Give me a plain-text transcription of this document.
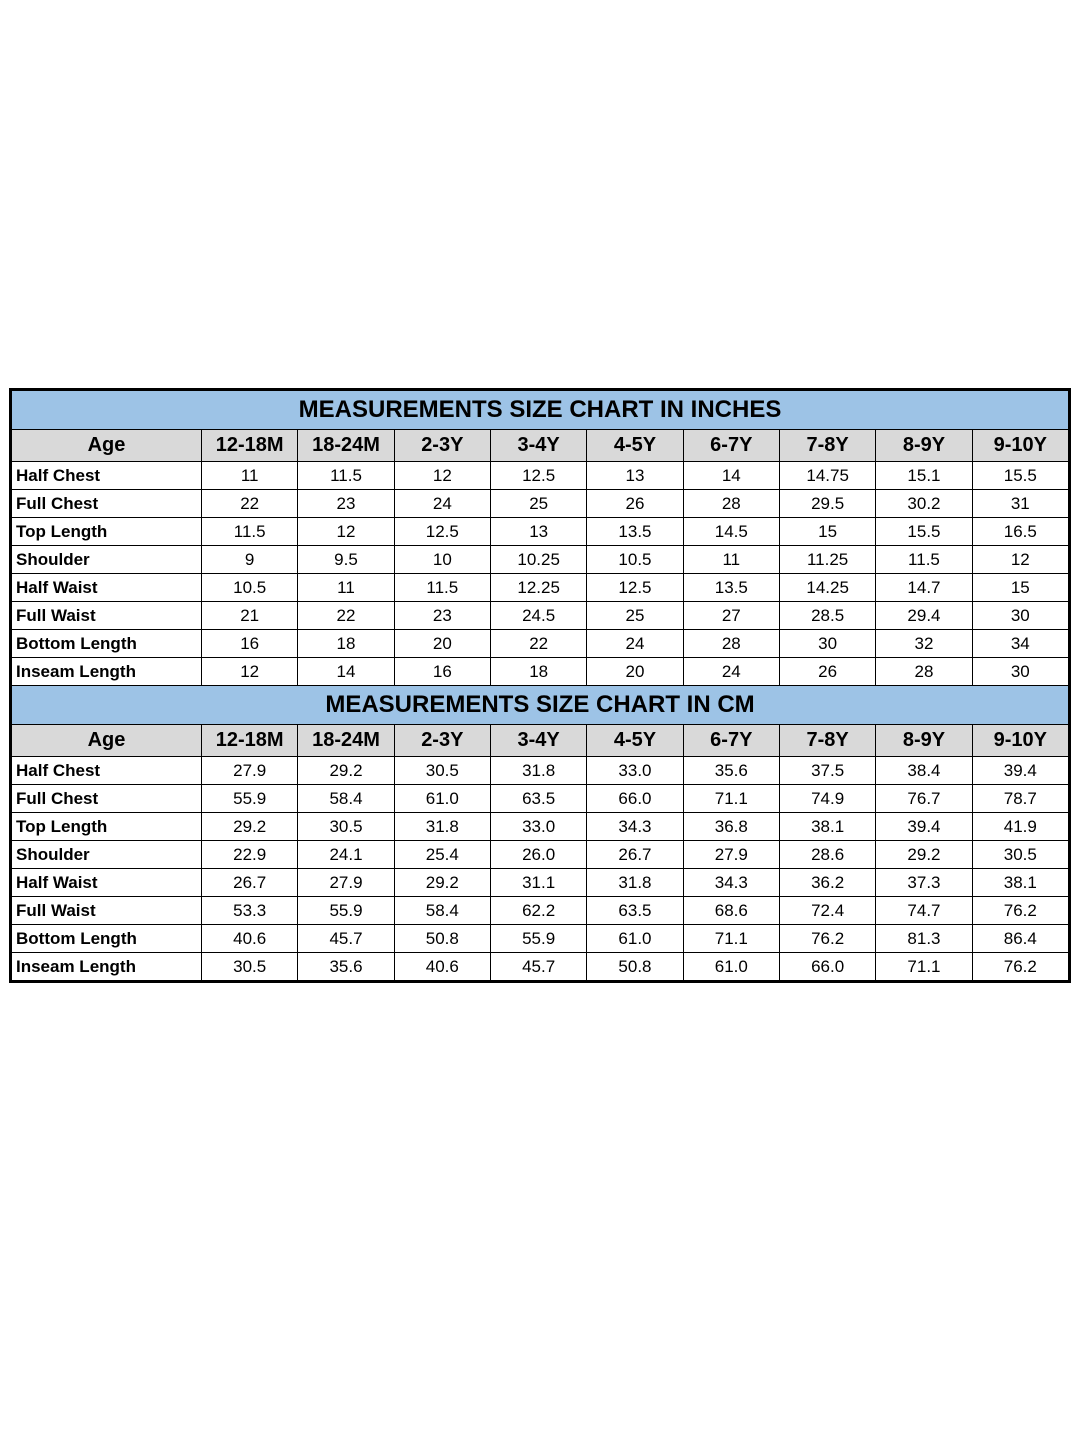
MEASUREMENTS SIZE CHART IN INCHES									
Age	12-18M	18-24M	2-3Y	3-4Y	4-5Y	6-7Y	7-8Y	8-9Y	9-10Y
Half Chest	11	11.5	12	12.5	13	14	14.75	15.1	15.5
Full Chest	22	23	24	25	26	28	29.5	30.2	31
Top Length	11.5	12	12.5	13	13.5	14.5	15	15.5	16.5
Shoulder	9	9.5	10	10.25	10.5	11	11.25	11.5	12
Half Waist	10.5	11	11.5	12.25	12.5	13.5	14.25	14.7	15
Full Waist	21	22	23	24.5	25	27	28.5	29.4	30
Bottom Length	16	18	20	22	24	28	30	32	34
Inseam Length	12	14	16	18	20	24	26	28	30
MEASUREMENTS SIZE CHART IN CM									
Age	12-18M	18-24M	2-3Y	3-4Y	4-5Y	6-7Y	7-8Y	8-9Y	9-10Y
Half Chest	27.9	29.2	30.5	31.8	33.0	35.6	37.5	38.4	39.4
Full Chest	55.9	58.4	61.0	63.5	66.0	71.1	74.9	76.7	78.7
Top Length	29.2	30.5	31.8	33.0	34.3	36.8	38.1	39.4	41.9
Shoulder	22.9	24.1	25.4	26.0	26.7	27.9	28.6	29.2	30.5
Half Waist	26.7	27.9	29.2	31.1	31.8	34.3	36.2	37.3	38.1
Full Waist	53.3	55.9	58.4	62.2	63.5	68.6	72.4	74.7	76.2
Bottom Length	40.6	45.7	50.8	55.9	61.0	71.1	76.2	81.3	86.4
Inseam Length	30.5	35.6	40.6	45.7	50.8	61.0	66.0	71.1	76.2
